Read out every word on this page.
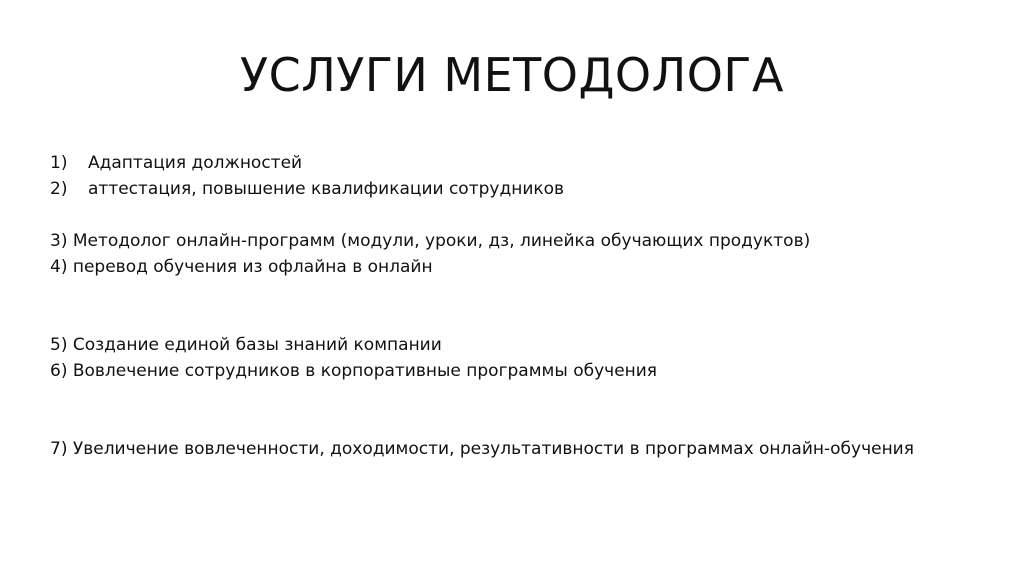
УСЛУГИ МЕТОДОЛОГА
1) Адаптация должностей
2) аттестация, повышение квалификации сотрудников
3) Методолог онлайн-программ (модули, уроки, дз, линейка обучающих продуктов)
4) перевод обучения из офлайна в онлайн
5) Создание единой базы знаний компании
6) Вовлечение сотрудников в корпоративные программы обучения
7) Увеличение вовлеченности, доходимости, результативности в программах онлайн-обучения
